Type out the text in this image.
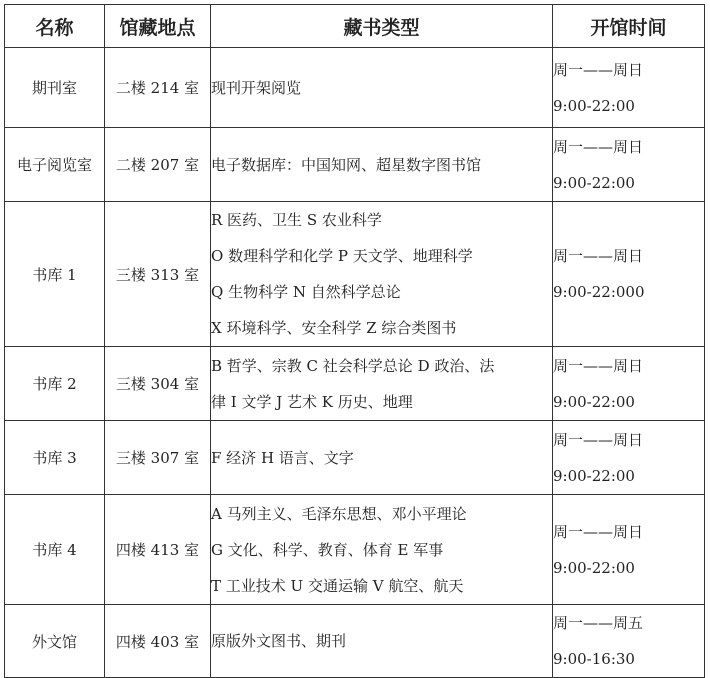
名称	馆藏地点	藏书类型	开馆时间
期刊室	二楼 214 室	现刊开架阅览	周一——周日
9:00-22:00

电子阅览室	二楼 207 室	电子数据库：中国知网、超星数字图书馆	周一——周日
9:00-22:00

书库 1	三楼 313 室	R 医药、卫生 S 农业科学
O 数理科学和化学 P 天文学、地理科学
Q 生物科学 N 自然科学总论
X 环境科学、安全科学 Z 综合类图书	周一——周日
9:00-22:000

书库 2	三楼 304 室	B 哲学、宗教 C 社会科学总论 D 政治、法
律 I 文学 J 艺术 K 历史、地理	周一——周日
9:00-22:00

书库 3	三楼 307 室	F 经济 H 语言、文字	周一——周日
9:00-22:00

书库 4	四楼 413 室	A 马列主义、毛泽东思想、邓小平理论
G 文化、科学、教育、体育 E 军事
T 工业技术 U 交通运输 V 航空、航天	周一——周日
9:00-22:00

外文馆	四楼 403 室	原版外文图书、期刊	周一——周五
9:00-16:30
